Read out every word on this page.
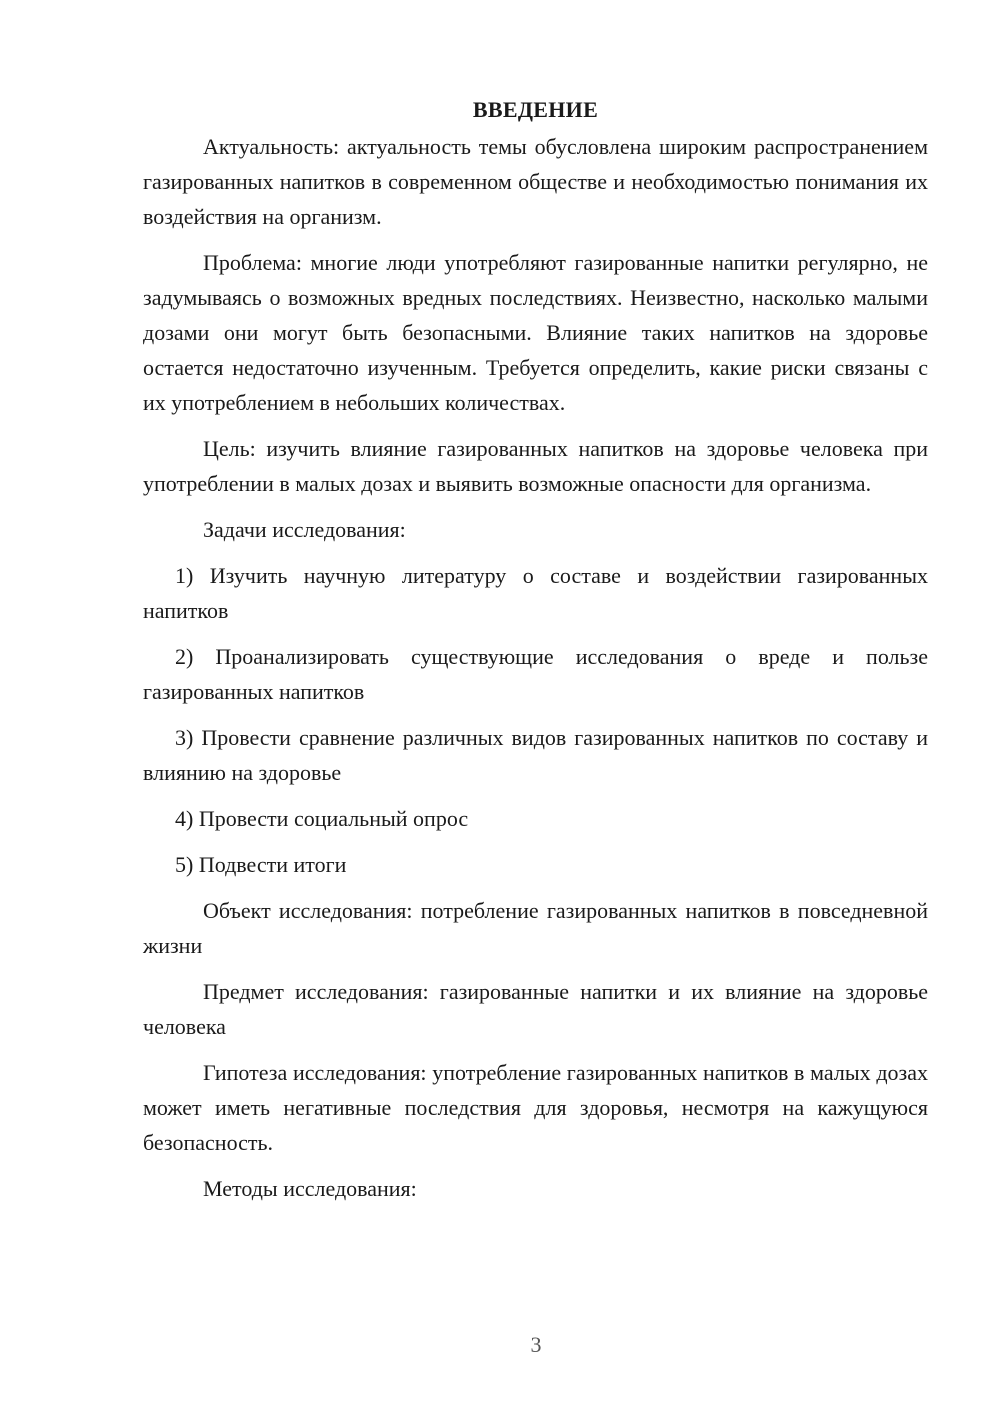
ВВЕДЕНИЕ

Актуальность: актуальность темы обусловлена широким распространением газированных напитков в современном обществе и необходимостью понимания их воздействия на организм.

Проблема: многие люди употребляют газированные напитки регулярно, не задумываясь о возможных вредных последствиях. Неизвестно, насколько малыми дозами они могут быть безопасными. Влияние таких напитков на здоровье остается недостаточно изученным. Требуется определить, какие риски связаны с их употреблением в небольших количествах.

Цель: изучить влияние газированных напитков на здоровье человека при употреблении в малых дозах и выявить возможные опасности для организма.

Задачи исследования:

1) Изучить научную литературу о составе и воздействии газированных напитков

2) Проанализировать существующие исследования о вреде и пользе газированных напитков

3) Провести сравнение различных видов газированных напитков по составу и влиянию на здоровье

4) Провести социальный опрос

5) Подвести итоги

Объект исследования: потребление газированных напитков в повседневной жизни

Предмет исследования: газированные напитки и их влияние на здоровье человека

Гипотеза исследования: употребление газированных напитков в малых дозах может иметь негативные последствия для здоровья, несмотря на кажущуюся безопасность.

Методы исследования:

3
